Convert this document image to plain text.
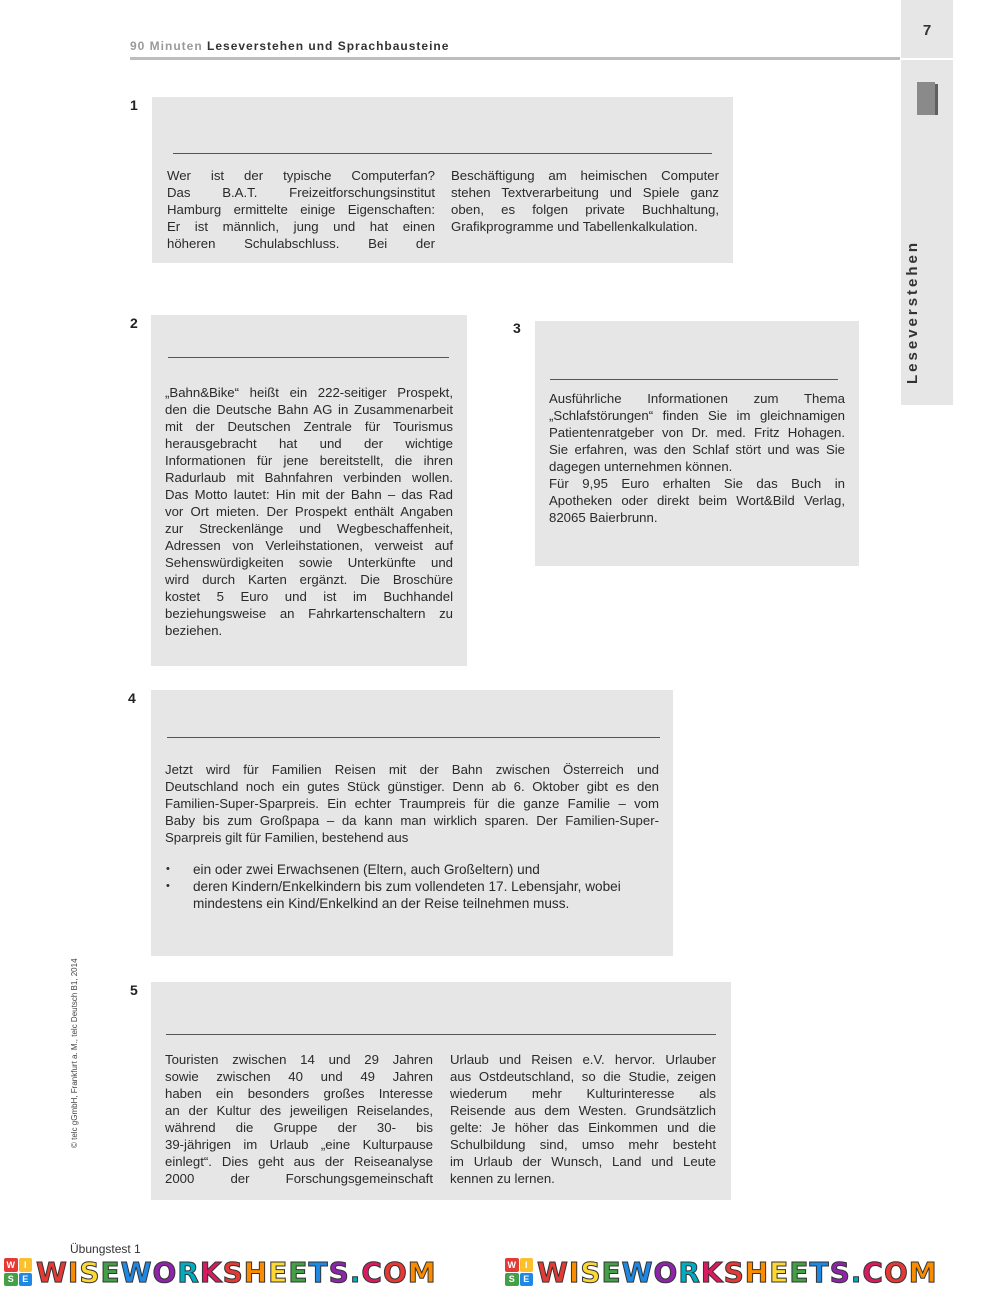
90 Minuten Leseverstehen und Sprachbausteine
7
Leseverstehen
1
Wer ist der typische Computerfan?
Das B.A.T. Freizeitforschungsinstitut
Hamburg ermittelte einige Eigenschaften:
Er ist männlich, jung und hat einen
höheren Schulabschluss. Bei der
Beschäftigung am heimischen Computer
stehen Textverarbeitung und Spiele ganz
oben, es folgen private Buchhaltung,
Grafikprogramme und Tabellenkalkulation.
2
„Bahn&Bike“ heißt ein 222-seitiger Prospekt,
den die Deutsche Bahn AG in Zusammenarbeit
mit der Deutschen Zentrale für Tourismus
herausgebracht hat und der wichtige
Informationen für jene bereitstellt, die ihren
Radurlaub mit Bahnfahren verbinden wollen.
Das Motto lautet: Hin mit der Bahn – das Rad
vor Ort mieten. Der Prospekt enthält Angaben
zur Streckenlänge und Wegbeschaffenheit,
Adressen von Verleihstationen, verweist auf
Sehenswürdigkeiten sowie Unterkünfte und
wird durch Karten ergänzt. Die Broschüre
kostet 5 Euro und ist im Buchhandel
beziehungsweise an Fahrkartenschaltern zu
beziehen.
3
Ausführliche Informationen zum Thema
„Schlafstörungen“ finden Sie im gleichnamigen
Patientenratgeber von Dr. med. Fritz Hohagen.
Sie erfahren, was den Schlaf stört und was Sie
dagegen unternehmen können.
Für 9,95 Euro erhalten Sie das Buch in
Apotheken oder direkt beim Wort&Bild Verlag,
82065 Baierbrunn.
4
Jetzt wird für Familien Reisen mit der Bahn zwischen Österreich und
Deutschland noch ein gutes Stück günstiger. Denn ab 6. Oktober gibt es den
Familien-Super-Sparpreis. Ein echter Traumpreis für die ganze Familie – vom
Baby bis zum Großpapa – da kann man wirklich sparen. Der Familien-Super-
Sparpreis gilt für Familien, bestehend aus
• ein oder zwei Erwachsenen (Eltern, auch Großeltern) und
• deren Kindern/Enkelkindern bis zum vollendeten 17. Lebensjahr, wobei mindestens ein Kind/Enkelkind an der Reise teilnehmen muss.
5
Touristen zwischen 14 und 29 Jahren
sowie zwischen 40 und 49 Jahren
haben ein besonders großes Interesse
an der Kultur des jeweiligen Reiselandes,
während die Gruppe der 30- bis
39-jährigen im Urlaub „eine Kulturpause
einlegt“. Dies geht aus der Reiseanalyse
2000 der Forschungsgemeinschaft
Urlaub und Reisen e.V. hervor. Urlauber
aus Ostdeutschland, so die Studie, zeigen
wiederum mehr Kulturinteresse als
Reisende aus dem Westen. Grundsätzlich
gelte: Je höher das Einkommen und die
Schulbildung sind, umso mehr besteht
im Urlaub der Wunsch, Land und Leute
kennen zu lernen.
© telc gGmbH, Frankfurt a. M., telc Deutsch B1, 2014
Übungstest 1
W I
S E WISEWORKSHEETS.COM	W I
S E WISEWORKSHEETS.COM
